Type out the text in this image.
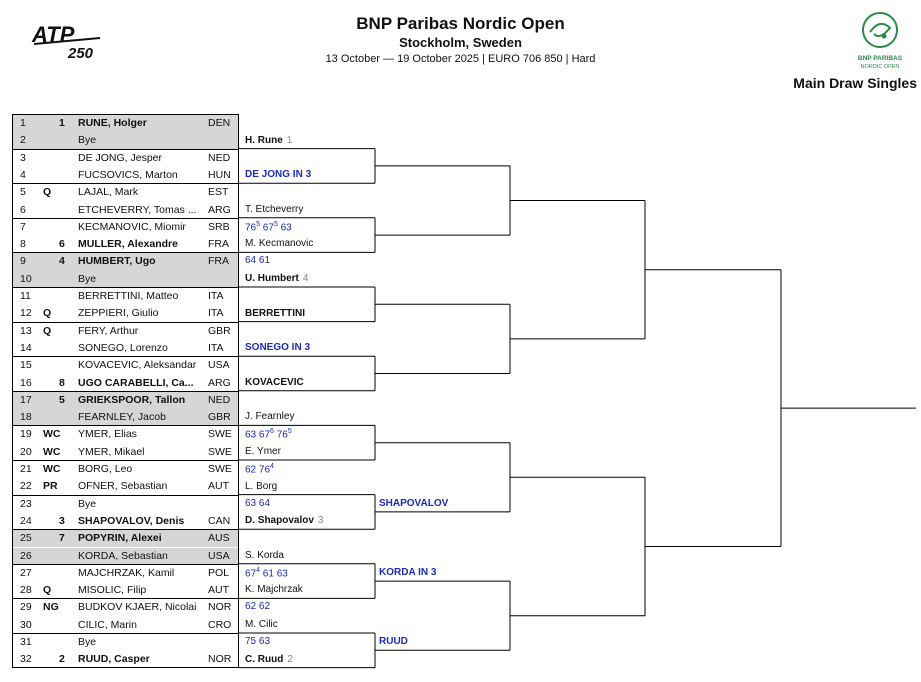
ATP
250
BNP Paribas Nordic Open
Stockholm, Sweden
13 October — 19 October 2025 | EURO 706 850 | Hard	BNP PARIBAS
NORDIC OPEN
Main Draw Singles
1	1 RUNE, Holger	DEN
2	Bye
3	DE JONG, Jesper	NED
4	FUCSOVICS, Marton	HUN
5 Q	LAJAL, Mark	EST
6	ETCHEVERRY, Tomas ...	ARG
7	KECMANOVIC, Miomir	SRB
8	6 MULLER, Alexandre	FRA
9	4 HUMBERT, Ugo	FRA
10	Bye
11	BERRETTINI, Matteo	ITA
12 Q	ZEPPIERI, Giulio	ITA
13 Q	FERY, Arthur	GBR
14	SONEGO, Lorenzo	ITA
15	KOVACEVIC, Aleksandar	USA
16	8 UGO CARABELLI, Ca...	ARG
17	5 GRIEKSPOOR, Tallon	NED
18	FEARNLEY, Jacob	GBR
19 WC YMER, Elias	SWE
20 WC YMER, Mikael	SWE
21 WC BORG, Leo	SWE
22 PR OFNER, Sebastian	AUT
23	Bye
24	3 SHAPOVALOV, Denis	CAN
25	7 POPYRIN, Alexei	AUS
26	KORDA, Sebastian	USA
27	MAJCHRZAK, Kamil	POL
28 Q	MISOLIC, Filip	AUT
29 NG BUDKOV KJAER, Nicolai	NOR
30	CILIC, Marin	CRO
31	Bye
32	2 RUUD, Casper	NOR
H. Rune 1
DE JONG IN 3
T. Etcheverry
$76^5$ $67^5$ 63
M. Kecmanovic
64 61
U. Humbert 4
BERRETTINI
SONEGO IN 3
KOVACEVIC
J. Fearnley
63 $67^6$ $76^5$
E. Ymer
62 $76^4$
L. Borg
63 64
D. Shapovalov 3
S. Korda
$67^4$ 61 63
K. Majchrzak
62 62
M. Cilic
75 63
C. Ruud 2
SHAPOVALOV
KORDA IN 3
RUUD
